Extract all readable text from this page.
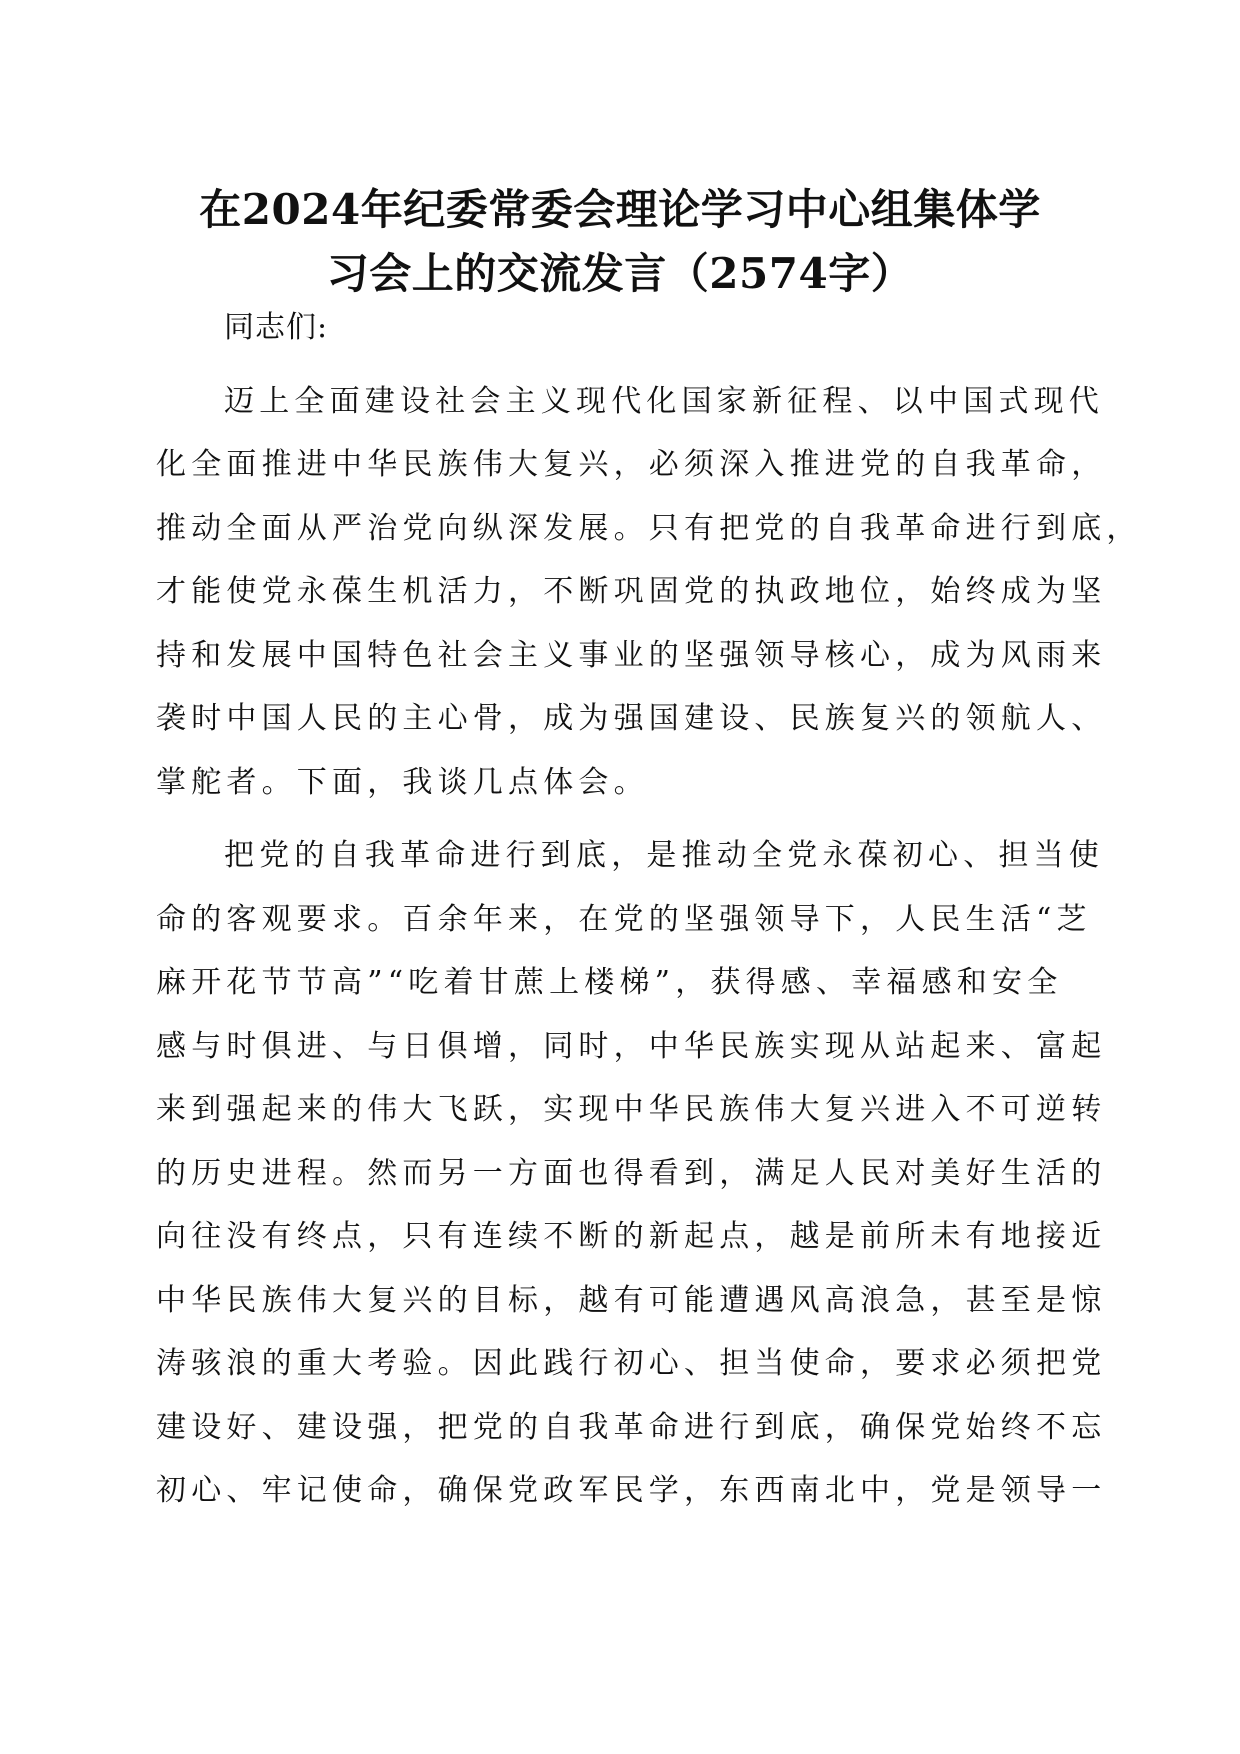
在2024年纪委常委会理论学习中心组集体学
习会上的交流发言（2574字）

同志们:

迈上全面建设社会主义现代化国家新征程、以中国式现代
化全面推进中华民族伟大复兴，必须深入推进党的自我革命，
推动全面从严治党向纵深发展。只有把党的自我革命进行到底，
才能使党永葆生机活力，不断巩固党的执政地位，始终成为坚
持和发展中国特色社会主义事业的坚强领导核心，成为风雨来
袭时中国人民的主心骨，成为强国建设、民族复兴的领航人、
掌舵者。下面，我谈几点体会。

把党的自我革命进行到底，是推动全党永葆初心、担当使
命的客观要求。百余年来，在党的坚强领导下，人民生活“芝
麻开花节节高”“吃着甘蔗上楼梯”，获得感、幸福感和安全
感与时俱进、与日俱增，同时，中华民族实现从站起来、富起
来到强起来的伟大飞跃，实现中华民族伟大复兴进入不可逆转
的历史进程。然而另一方面也得看到，满足人民对美好生活的
向往没有终点，只有连续不断的新起点，越是前所未有地接近
中华民族伟大复兴的目标，越有可能遭遇风高浪急，甚至是惊
涛骇浪的重大考验。因此践行初心、担当使命，要求必须把党
建设好、建设强，把党的自我革命进行到底，确保党始终不忘
初心、牢记使命，确保党政军民学，东西南北中，党是领导一
